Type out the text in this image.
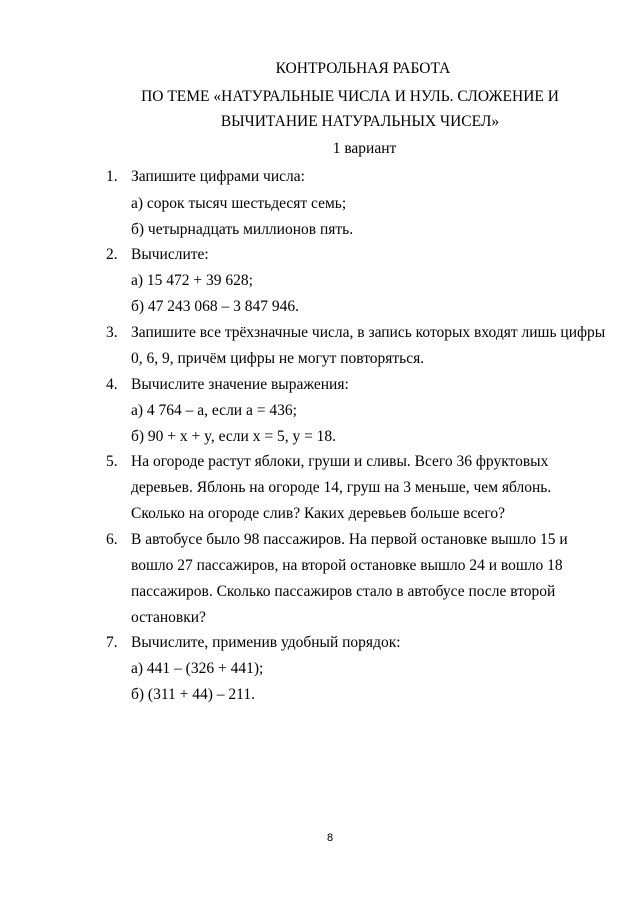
КОНТРОЛЬНАЯ РАБОТА
ПО ТЕМЕ «НАТУРАЛЬНЫЕ ЧИСЛА И НУЛЬ. СЛОЖЕНИЕ И
ВЫЧИТАНИЕ НАТУРАЛЬНЫХ ЧИСЕЛ»
1 вариант
1. Запишите цифрами числа:
а) сорок тысяч шестьдесят семь;
б) четырнадцать миллионов пять.
2. Вычислите:
а) 15 472 + 39 628;
б) 47 243 068 – 3 847 946.
3. Запишите все трёхзначные числа, в запись которых входят лишь цифры
0, 6, 9, причём цифры не могут повторяться.
4. Вычислите значение выражения:
а) 4 764 – a, если a = 436;
б) 90 + x + y, если x = 5, y = 18.
5. На огороде растут яблоки, груши и сливы. Всего 36 фруктовых
деревьев. Яблонь на огороде 14, груш на 3 меньше, чем яблонь.
Сколько на огороде слив? Каких деревьев больше всего?
6. В автобусе было 98 пассажиров. На первой остановке вышло 15 и
вошло 27 пассажиров, на второй остановке вышло 24 и вошло 18
пассажиров. Сколько пассажиров стало в автобусе после второй
остановки?
7. Вычислите, применив удобный порядок:
а) 441 – (326 + 441);
б) (311 + 44) – 211.
8
